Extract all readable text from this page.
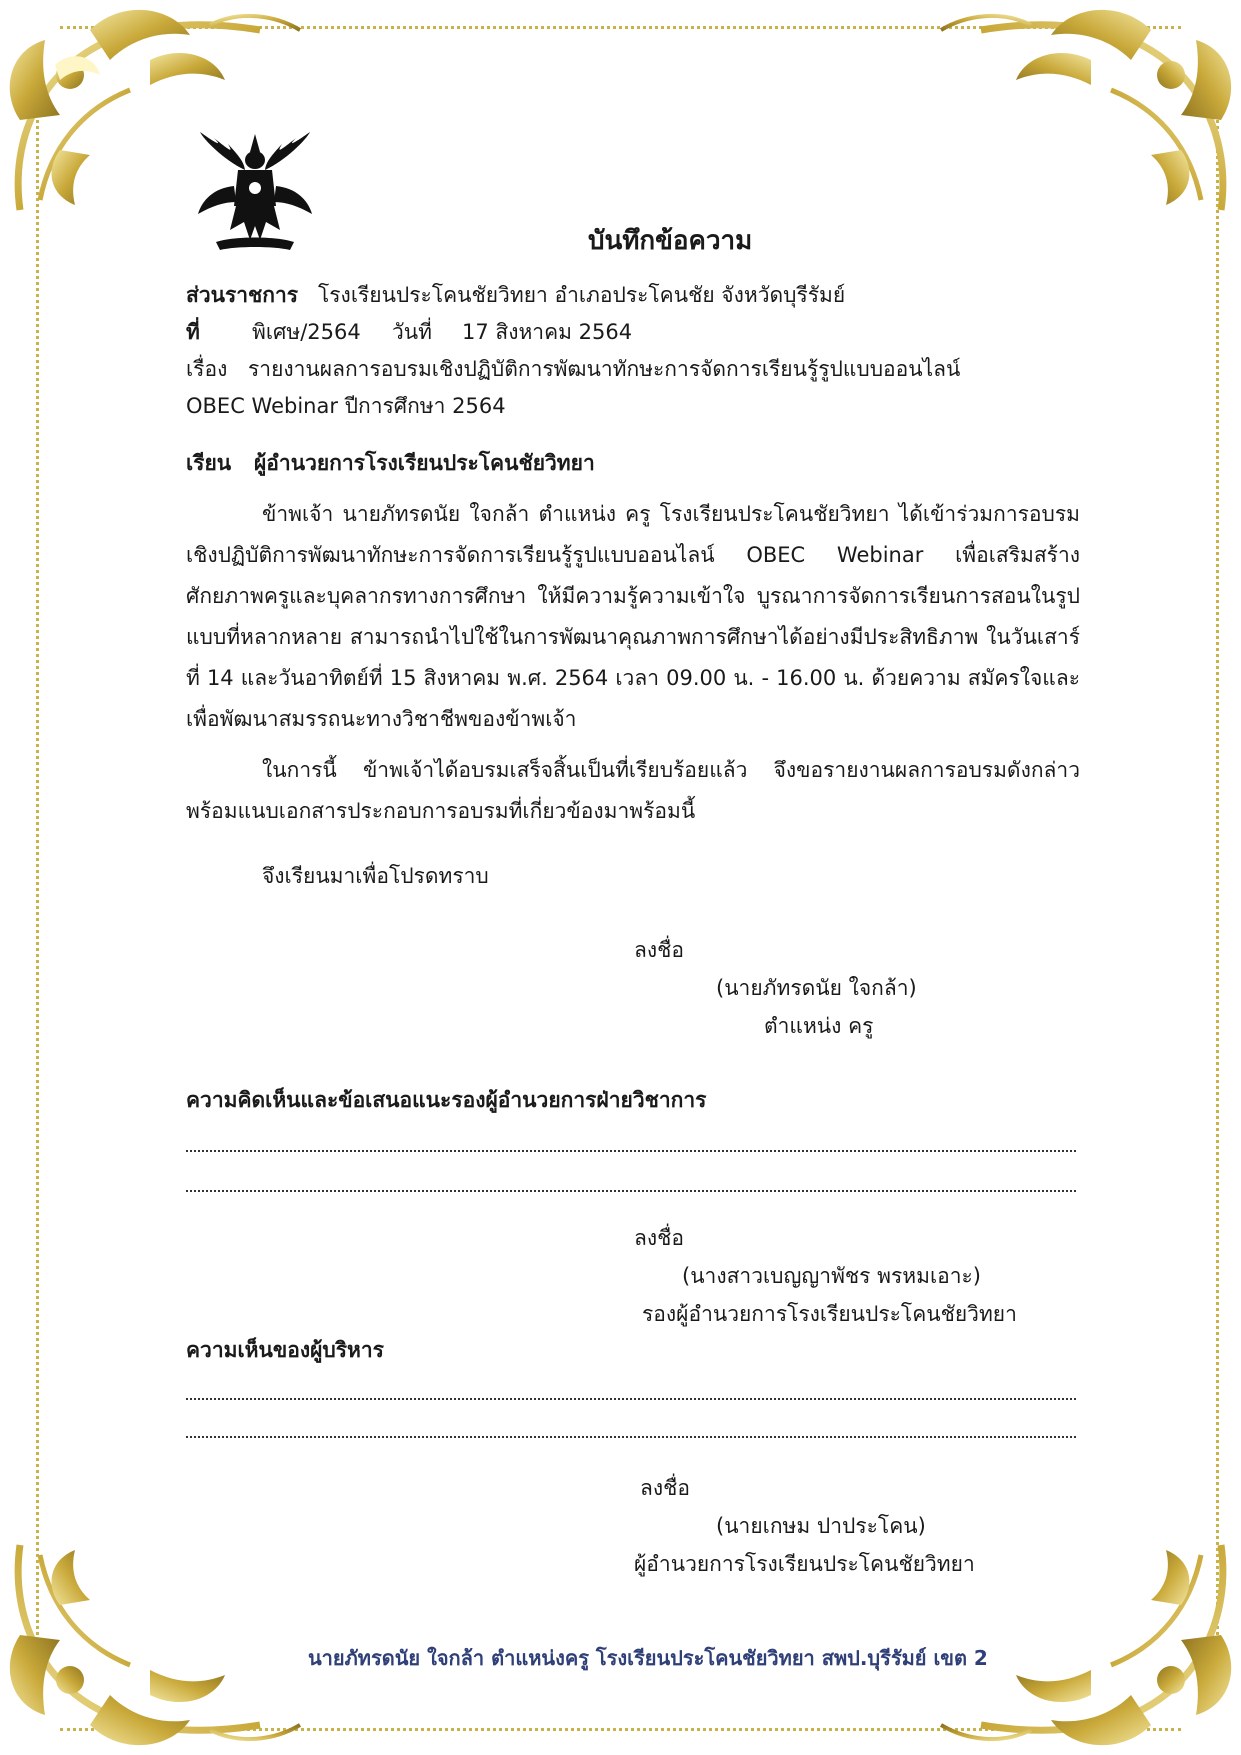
บันทึกข้อความ
ส่วนราชการ โรงเรียนประโคนชัยวิทยา อำเภอประโคนชัย จังหวัดบุรีรัมย์
ที่ พิเศษ/2564 วันที่ 17 สิงหาคม 2564
เรื่อง รายงานผลการอบรมเชิงปฏิบัติการพัฒนาทักษะการจัดการเรียนรู้รูปแบบออนไลน์
OBEC Webinar ปีการศึกษา 2564
เรียน ผู้อำนวยการโรงเรียนประโคนชัยวิทยา
ข้าพเจ้า นายภัทรดนัย ใจกล้า ตำแหน่ง ครู โรงเรียนประโคนชัยวิทยา ได้เข้าร่วมการอบรมเชิงปฏิบัติการพัฒนาทักษะการจัดการเรียนรู้รูปแบบออนไลน์ OBEC Webinar เพื่อเสริมสร้างศักยภาพครูและบุคลากรทางการศึกษา ให้มีความรู้ความเข้าใจ บูรณาการจัดการเรียนการสอนในรูปแบบที่หลากหลาย สามารถนำไปใช้ในการพัฒนาคุณภาพการศึกษาได้อย่างมีประสิทธิภาพ ในวันเสาร์ที่ 14 และวันอาทิตย์ที่ 15 สิงหาคม พ.ศ. 2564 เวลา 09.00 น. - 16.00 น. ด้วยความ สมัครใจและเพื่อพัฒนาสมรรถนะทางวิชาชีพของข้าพเจ้า
ในการนี้ ข้าพเจ้าได้อบรมเสร็จสิ้นเป็นที่เรียบร้อยแล้ว จึงขอรายงานผลการอบรมดังกล่าวพร้อมแนบเอกสารประกอบการอบรมที่เกี่ยวข้องมาพร้อมนี้
จึงเรียนมาเพื่อโปรดทราบ
ลงชื่อ
(นายภัทรดนัย ใจกล้า)
ตำแหน่ง ครู
ความคิดเห็นและข้อเสนอแนะรองผู้อำนวยการฝ่ายวิชาการ
ลงชื่อ
(นางสาวเบญญาพัชร พรหมเอาะ)
รองผู้อำนวยการโรงเรียนประโคนชัยวิทยา
ความเห็นของผู้บริหาร
ลงชื่อ
(นายเกษม ปาประโคน)
ผู้อำนวยการโรงเรียนประโคนชัยวิทยา
นายภัทรดนัย ใจกล้า ตำแหน่งครู โรงเรียนประโคนชัยวิทยา สพป.บุรีรัมย์ เขต 2
